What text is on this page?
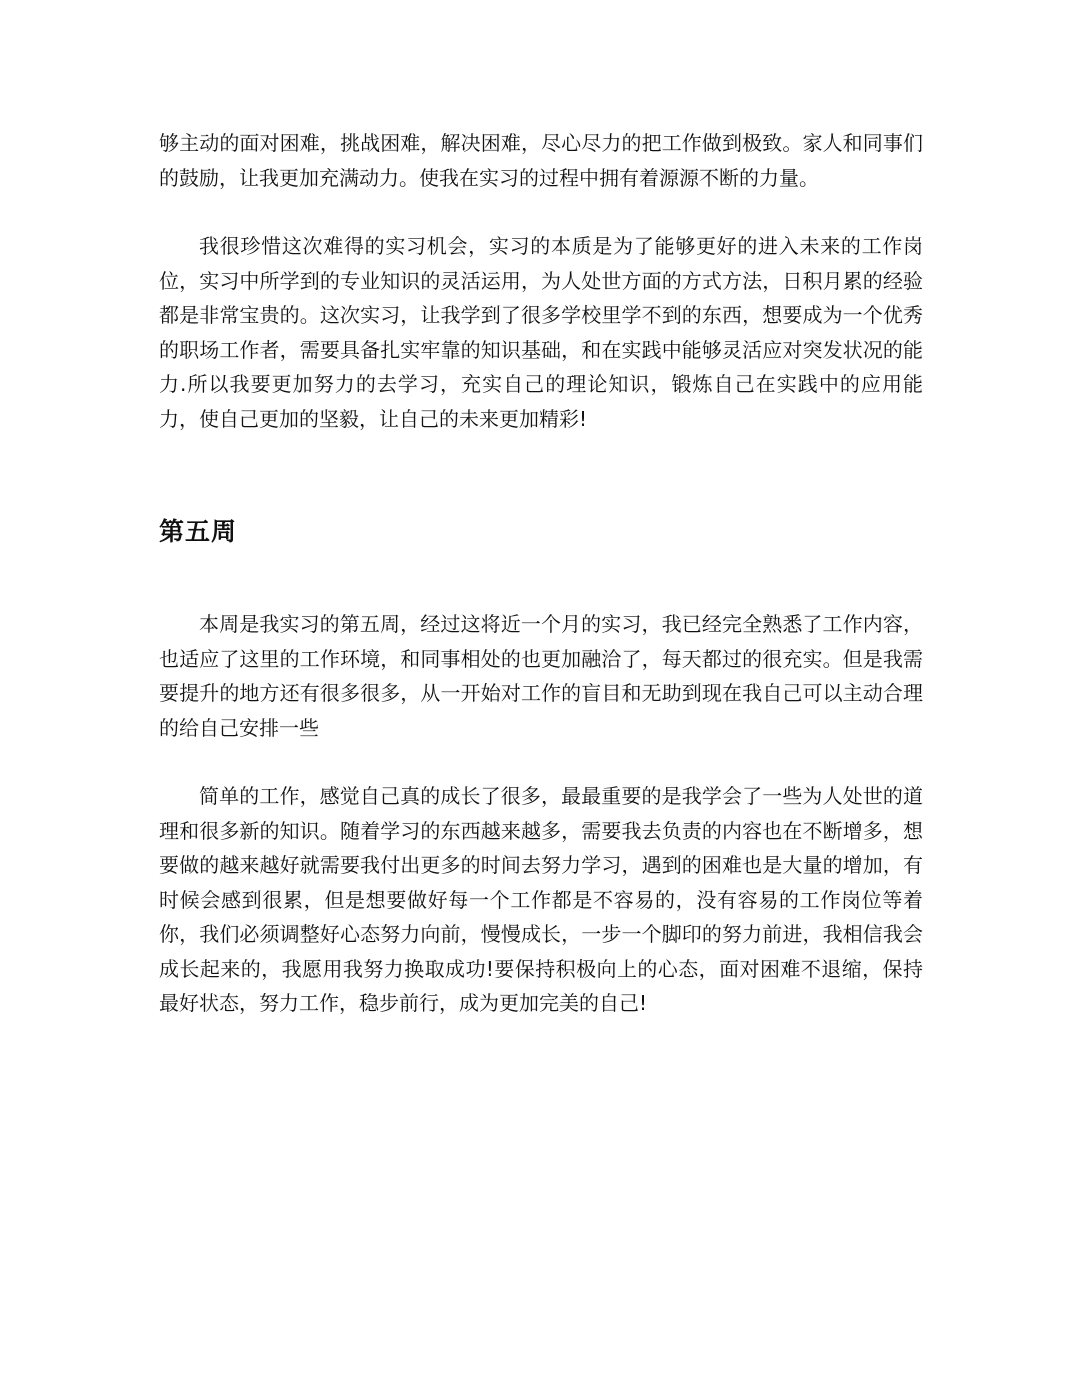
够主动的面对困难，挑战困难，解决困难，尽心尽力的把工作做到极致。家人和同事们的鼓励，让我更加充满动力。使我在实习的过程中拥有着源源不断的力量。

我很珍惜这次难得的实习机会，实习的本质是为了能够更好的进入未来的工作岗位，实习中所学到的专业知识的灵活运用，为人处世方面的方式方法，日积月累的经验都是非常宝贵的。这次实习，让我学到了很多学校里学不到的东西，想要成为一个优秀的职场工作者，需要具备扎实牢靠的知识基础，和在实践中能够灵活应对突发状况的能力.所以我要更加努力的去学习，充实自己的理论知识，锻炼自己在实践中的应用能力，使自己更加的坚毅，让自己的未来更加精彩!

第五周

本周是我实习的第五周，经过这将近一个月的实习，我已经完全熟悉了工作内容，也适应了这里的工作环境，和同事相处的也更加融洽了，每天都过的很充实。但是我需要提升的地方还有很多很多，从一开始对工作的盲目和无助到现在我自己可以主动合理的给自己安排一些

简单的工作，感觉自己真的成长了很多，最最重要的是我学会了一些为人处世的道理和很多新的知识。随着学习的东西越来越多，需要我去负责的内容也在不断增多，想要做的越来越好就需要我付出更多的时间去努力学习，遇到的困难也是大量的增加，有时候会感到很累，但是想要做好每一个工作都是不容易的，没有容易的工作岗位等着你，我们必须调整好心态努力向前，慢慢成长，一步一个脚印的努力前进，我相信我会成长起来的，我愿用我努力换取成功!要保持积极向上的心态，面对困难不退缩，保持最好状态，努力工作，稳步前行，成为更加完美的自己!
